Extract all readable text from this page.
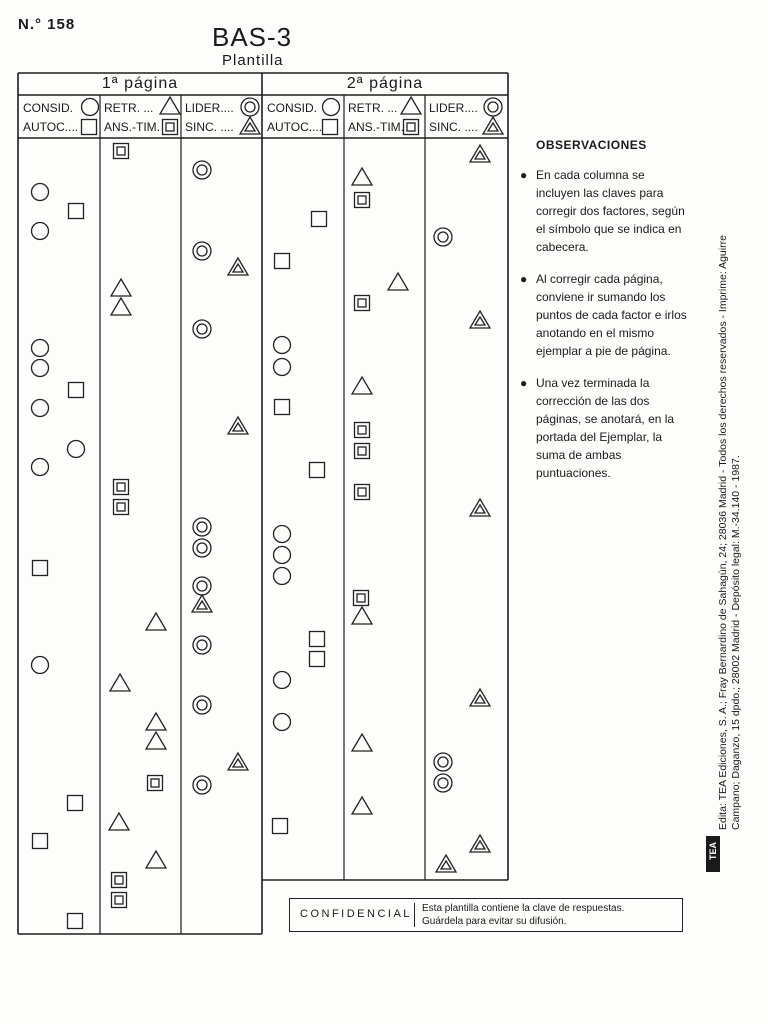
N.° 158	BAS-3
Plantilla
1ª página	2ª página
CONSID.
AUTOC....
RETR. ...
ANS.-TIM.
LIDER....
SINC. ....
CONSID.
AUTOC....
RETR. ...
ANS.-TIM.
LIDER....
SINC. ....
OBSERVACIONES
● En cada columna se incluyen las claves para corregir dos factores, según el símbolo que se indica en cabecera.
● Al corregir cada página, conviene ir sumando los puntos de cada factor e irlos anotando en el mismo ejemplar a pie de página.
● Una vez terminada la corrección de las dos páginas, se anotará, en la portada del Ejemplar, la suma de ambas puntuaciones.
CONFIDENCIAL Esta plantilla contiene la clave de respuestas.
Guárdela para evitar su difusión.
Edita: TEA Ediciones, S. A.; Fray Bernardino de Sahagún, 24; 28036 Madrid - Todos los derechos reservados - Imprime: Aguirre Campano; Daganzo, 15 dpdo.; 28002 Madrid - Depósito legal: M.-34.140 - 1987.
TEA
